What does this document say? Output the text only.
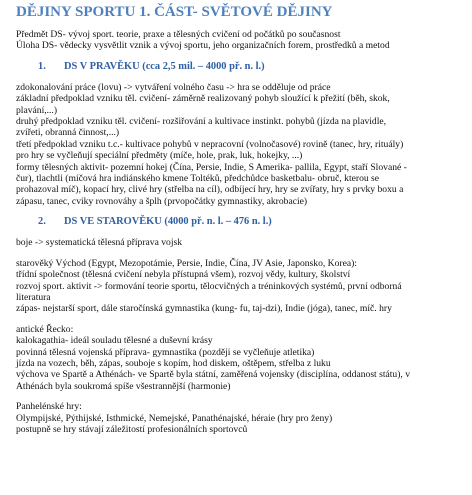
DĚJINY SPORTU 1. ČÁST- SVĚTOVÉ DĚJINY
Předmět DS- vývoj sport. teorie, praxe a tělesných cvičení od počátků po současnost
Úloha DS- vědecky vysvětlit vznik a vývoj sportu, jeho organizačních forem, prostředků a metod
1. DS V PRAVĚKU (cca 2,5 mil. – 4000 př. n. l.)
zdokonalování práce (lovu) -> vytváření volného času -> hra se odděluje od práce
základní předpoklad vzniku těl. cvičení- záměrně realizovaný pohyb sloužící k přežití (běh, skok,
plavání,...)
druhý předpoklad vzniku těl. cvičení- rozšiřování a kultivace instinkt. pohybů (jízda na plavidle,
zvířeti, obranná činnost,...)
třetí předpoklad vzniku t.c.- kultivace pohybů v nepracovní (volnočasové) rovině (tanec, hry, rituály)
pro hry se vyčleňují speciální předměty (míče, hole, prak, luk, hokejky, ...)
formy tělesných aktivit- pozemní hokej (Čína, Persie, Indie, S Amerika- pallila, Egypt, staří Slované -
čur), tlachtli (míčová hra indiánského kmene Toltéků, předchůdce basketbalu- obruč, kterou se
prohazoval míč), kopací hry, clivé hry (střelba na cíl), odbíjecí hry, hry se zvířaty, hry s prvky boxu a
zápasu, tanec, cviky rovnováhy a šplh (prvopočátky gymnastiky, akrobacie)
2. DS VE STAROVĚKU (4000 př. n. l. – 476 n. l.)
boje -> systematická tělesná příprava vojsk
starověký Východ (Egypt, Mezopotámie, Persie, Indie, Čína, JV Asie, Japonsko, Korea):
třídní společnost (tělesná cvičení nebyla přístupná všem), rozvoj vědy, kultury, školství
rozvoj sport. aktivit -> formování teorie sportu, tělocvičných a tréninkových systémů, první odborná
literatura
zápas- nejstarší sport, dále staročínská gymnastika (kung- fu, taj-dzi), Indie (jóga), tanec, míč. hry
antické Řecko:
kalokagathia- ideál souladu tělesné a duševní krásy
povinná tělesná vojenská příprava- gymnastika (později se vyčleňuje atletika)
jízda na vozech, běh, zápas, souboje s kopím, hod diskem, oštěpem, střelba z luku
výchova ve Spartě a Athénách- ve Spartě byla státní, zaměřená vojensky (disciplína, oddanost státu), v
Athénách byla soukromá spíše všestrannější (harmonie)
Panhelénské hry:
Olympijské, Pýthijské, Isthmické, Nemejské, Panathénajské, héraie (hry pro ženy)
postupně se hry stávají záležitostí profesionálních sportovců
